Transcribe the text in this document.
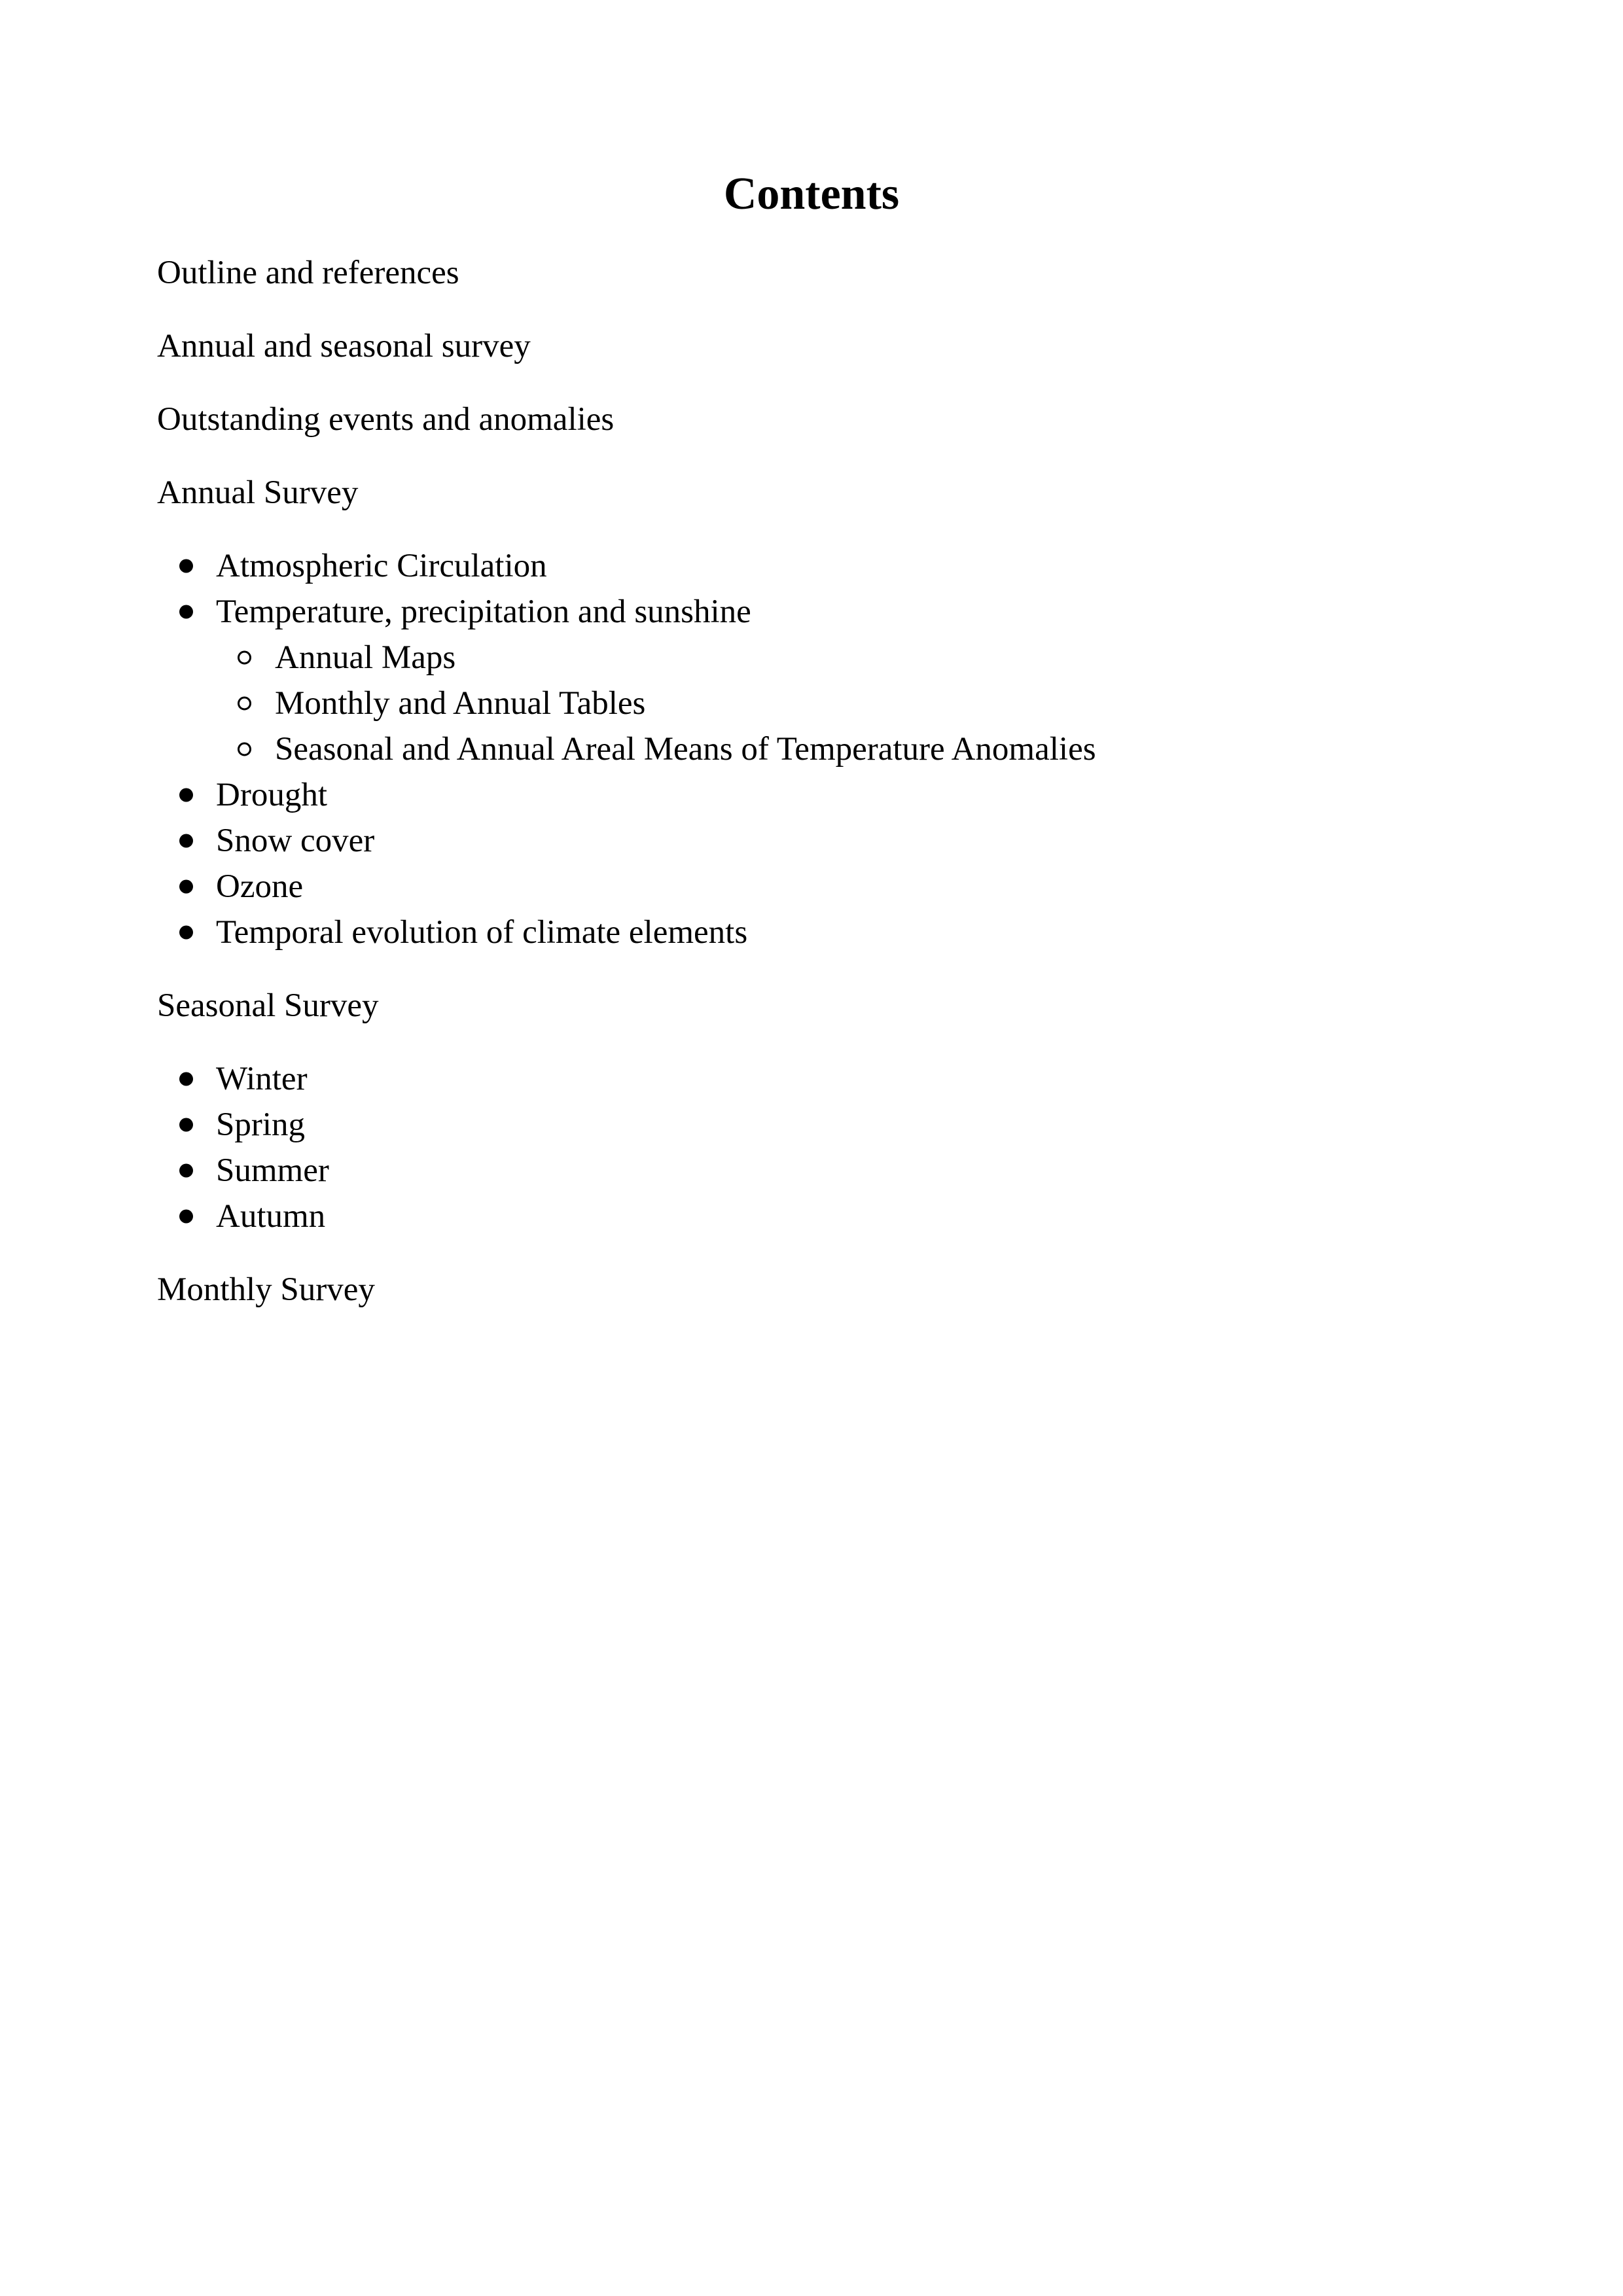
Contents

Outline and references

Annual and seasonal survey

Outstanding events and anomalies

Annual Survey

Atmospheric Circulation
Temperature, precipitation and sunshine
Annual Maps
Monthly and Annual Tables
Seasonal and Annual Areal Means of Temperature Anomalies
Drought
Snow cover
Ozone
Temporal evolution of climate elements

Seasonal Survey

Winter
Spring
Summer
Autumn

Monthly Survey
